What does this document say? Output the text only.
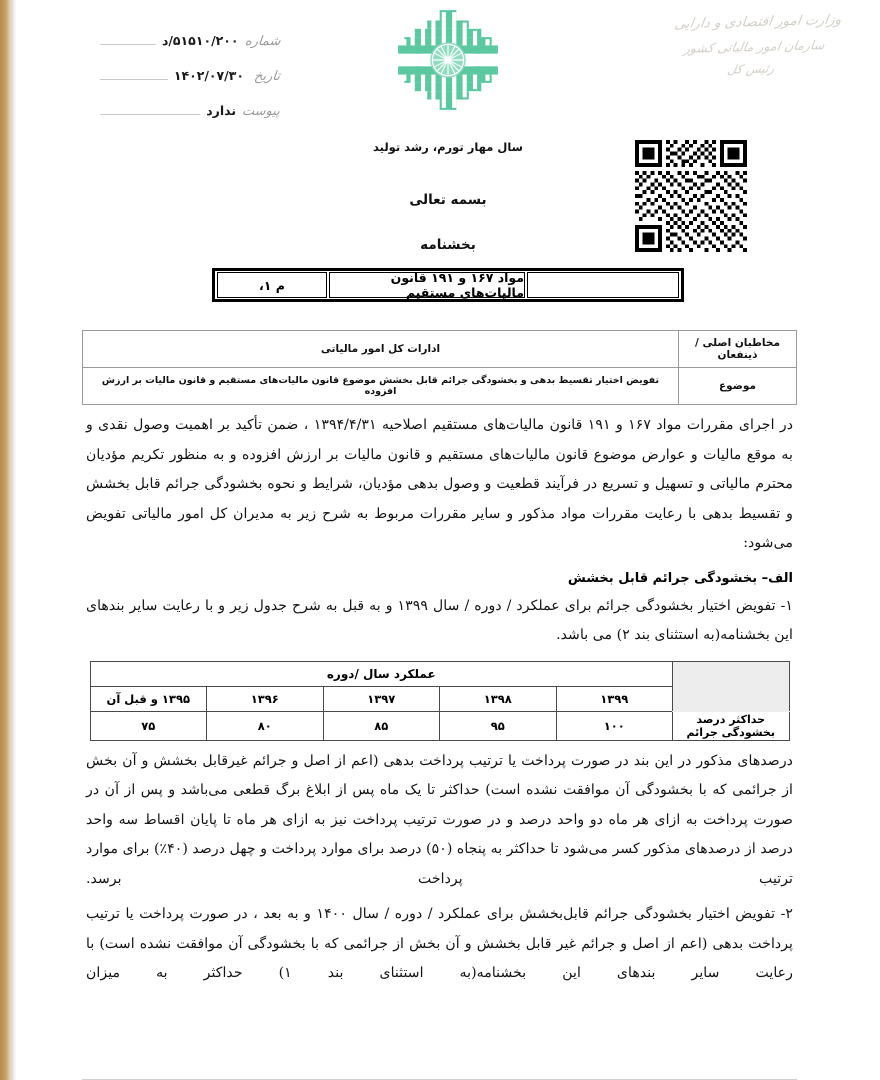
شماره
۵۱۵۱۰/۲۰۰/د
تاریخ
۱۴۰۲/۰۷/۳۰
پیوست
ندارد
وزارت امور اقتصادی و دارایی
سازمان امور مالیاتی کشور
رئیس کل
سال مهار تورم، رشد تولید
بسمه تعالی
بخشنامه
مواد ۱۶۷ و ۱۹۱ قانون مالیات‌های مستقیم
م ۱،
مخاطبان اصلی / ذینفعان	ادارات کل امور مالیاتی
موضوع	تفویض اختیار تقسیط بدهی و بخشودگی جرائم قابل بخشش موضوع قانون مالیات‌های مستقیم و قانون مالیات بر ارزش افزوده

در اجرای مقررات مواد ۱۶۷ و ۱۹۱ قانون مالیات‌های مستقیم اصلاحیه ۱۳۹۴/۴/۳۱ ، ضمن تأکید بر اهمیت وصول نقدی و به موقع مالیات و عوارض موضوع قانون مالیات‌های مستقیم و قانون مالیات بر ارزش افزوده و به منظور تکریم مؤدیان محترم مالیاتی و تسهیل و تسریع در فرآیند قطعیت و وصول بدهی مؤدیان، شرایط و نحوه بخشودگی جرائم قابل بخشش و تقسیط بدهی با رعایت مقررات مواد مذکور و سایر مقررات مربوط به شرح زیر به مدیران کل امور مالیاتی تفویض می‌شود:

الف– بخشودگی جرائم قابل بخشش

۱- تفویض اختیار بخشودگی جرائم برای عملکرد / دوره / سال ۱۳۹۹ و به قبل به شرح جدول زیر و با رعایت سایر بندهای این بخشنامه(به استثنای بند ۲) می باشد.

	عملکرد سال /دوره				
	۱۳۹۹	۱۳۹۸	۱۳۹۷	۱۳۹۶	۱۳۹۵ و قبل آن
حداکثر درصد بخشودگی جرائم	۱۰۰	۹۵	۸۵	۸۰	۷۵

درصدهای مذکور در این بند در صورت پرداخت یا ترتیب پرداخت بدهی (اعم از اصل و جرائم غیرقابل بخشش و آن بخش از جرائمی که با بخشودگی آن موافقت نشده است) حداکثر تا یک ماه پس از ابلاغ برگ قطعی می‌باشد و پس از آن در صورت پرداخت به ازای هر ماه دو واحد درصد و در صورت ترتیب پرداخت نیز به ازای هر ماه تا پایان اقساط سه واحد درصد از درصدهای مذکور کسر می‌شود تا حداکثر به پنجاه (۵۰) درصد برای موارد پرداخت و چهل درصد (۴۰٪) برای موارد ترتیب پرداخت برسد.

۲- تفویض اختیار بخشودگی جرائم قابل‌بخشش برای عملکرد / دوره / سال ۱۴۰۰ و به بعد ، در صورت پرداخت یا ترتیب پرداخت بدهی (اعم از اصل و جرائم غیر قابل بخشش و آن بخش از جرائمی که با بخشودگی آن موافقت نشده است) با رعایت سایر بندهای این بخشنامه(به استثنای بند ۱) حداکثر به میزان
